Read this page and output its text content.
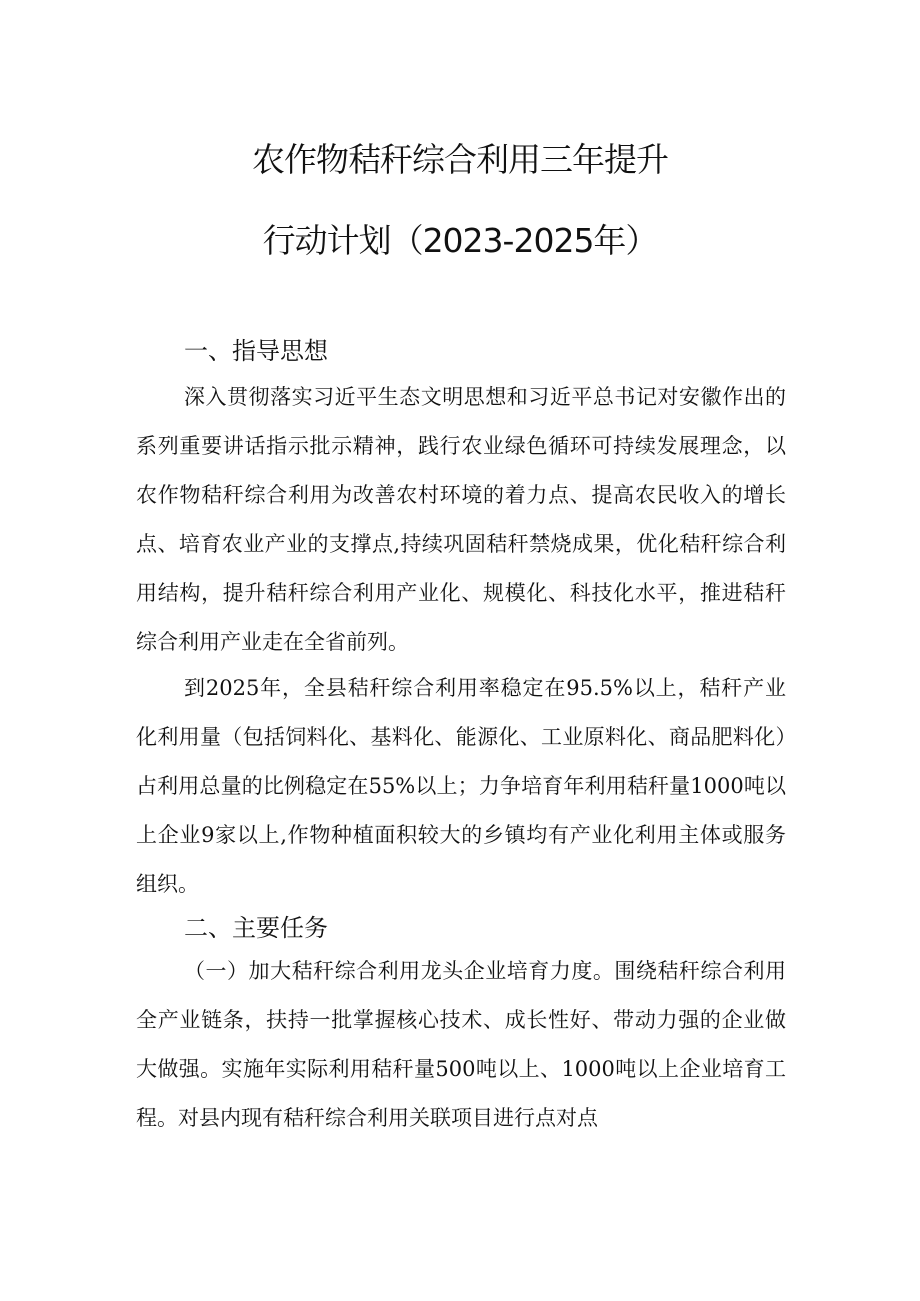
农作物秸秆综合利用三年提升
行动计划（2023-2025年）
一、指导思想

深入贯彻落实习近平生态文明思想和习近平总书记对安徽作出的系列重要讲话指示批示精神，践行农业绿色循环可持续发展理念，以农作物秸秆综合利用为改善农村环境的着力点、提高农民收入的增长点、培育农业产业的支撑点,持续巩固秸秆禁烧成果，优化秸秆综合利用结构，提升秸秆综合利用产业化、规模化、科技化水平，推进秸秆综合利用产业走在全省前列。

到2025年，全县秸秆综合利用率稳定在95.5%以上，秸秆产业化利用量（包括饲料化、基料化、能源化、工业原料化、商品肥料化）占利用总量的比例稳定在55%以上；力争培育年利用秸秆量1000吨以上企业9家以上,作物种植面积较大的乡镇均有产业化利用主体或服务组织。

二、主要任务

（一）加大秸秆综合利用龙头企业培育力度。围绕秸秆综合利用全产业链条，扶持一批掌握核心技术、成长性好、带动力强的企业做大做强。实施年实际利用秸秆量500吨以上、1000吨以上企业培育工程。对县内现有秸秆综合利用关联项目进行点对点
